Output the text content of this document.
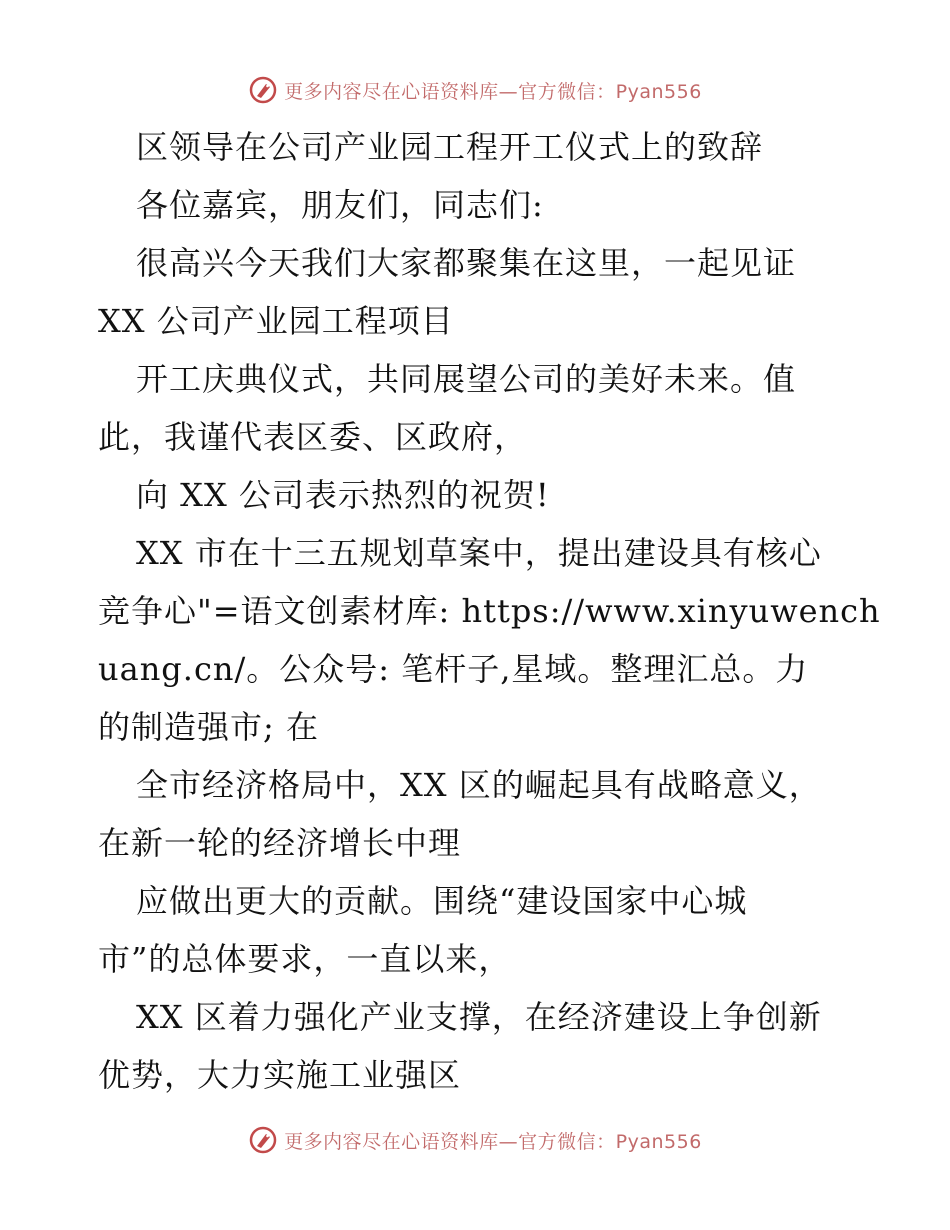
更多内容尽在心语资料库—官方微信：Pyan556
区领导在公司产业园工程开工仪式上的致辞
各位嘉宾，朋友们，同志们:
很高兴今天我们大家都聚集在这里，一起见证
XX 公司产业园工程项目
开工庆典仪式，共同展望公司的美好未来。值
此，我谨代表区委、区政府，
向 XX 公司表示热烈的祝贺!
XX 市在十三五规划草案中，提出建设具有核心
竞争心"=语文创素材库: https://www.xinyuwench
uang.cn/。公众号: 笔杆子,星域。整理汇总。力
的制造强市; 在
全市经济格局中，XX 区的崛起具有战略意义，
在新一轮的经济增长中理
应做出更大的贡献。围绕“建设国家中心城
市”的总体要求，一直以来，
XX 区着力强化产业支撑，在经济建设上争创新
优势，大力实施工业强区
更多内容尽在心语资料库—官方微信：Pyan556
